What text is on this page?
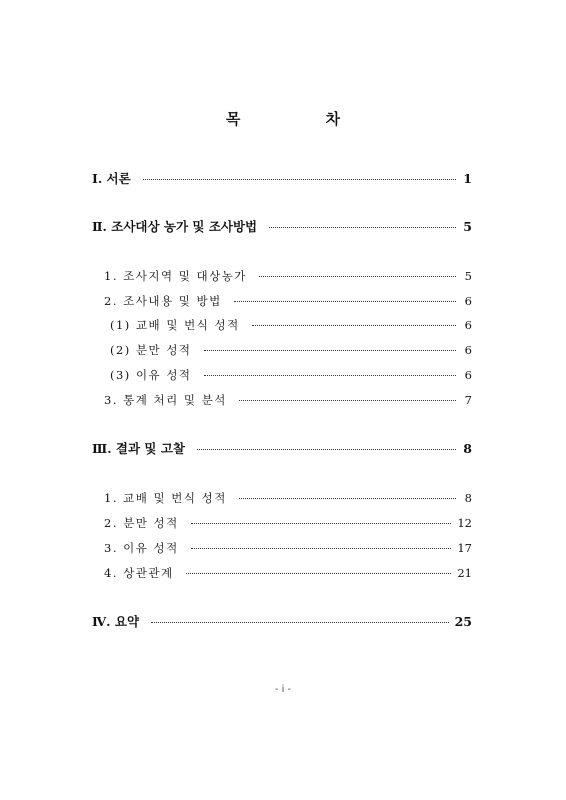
목 차
Ⅰ. 서론	1
Ⅱ. 조사대상 농가 및 조사방법	5
1. 조사지역 및 대상농가	5
2. 조사내용 및 방법	6
(1) 교배 및 번식 성적	6
(2) 분만 성적	6
(3) 이유 성적	6
3. 통계 처리 및 분석	7
Ⅲ. 결과 및 고찰	8
1. 교배 및 번식 성적	8
2. 분만 성적	12
3. 이유 성적	17
4. 상관관계	21
Ⅳ. 요약	25
- i -
